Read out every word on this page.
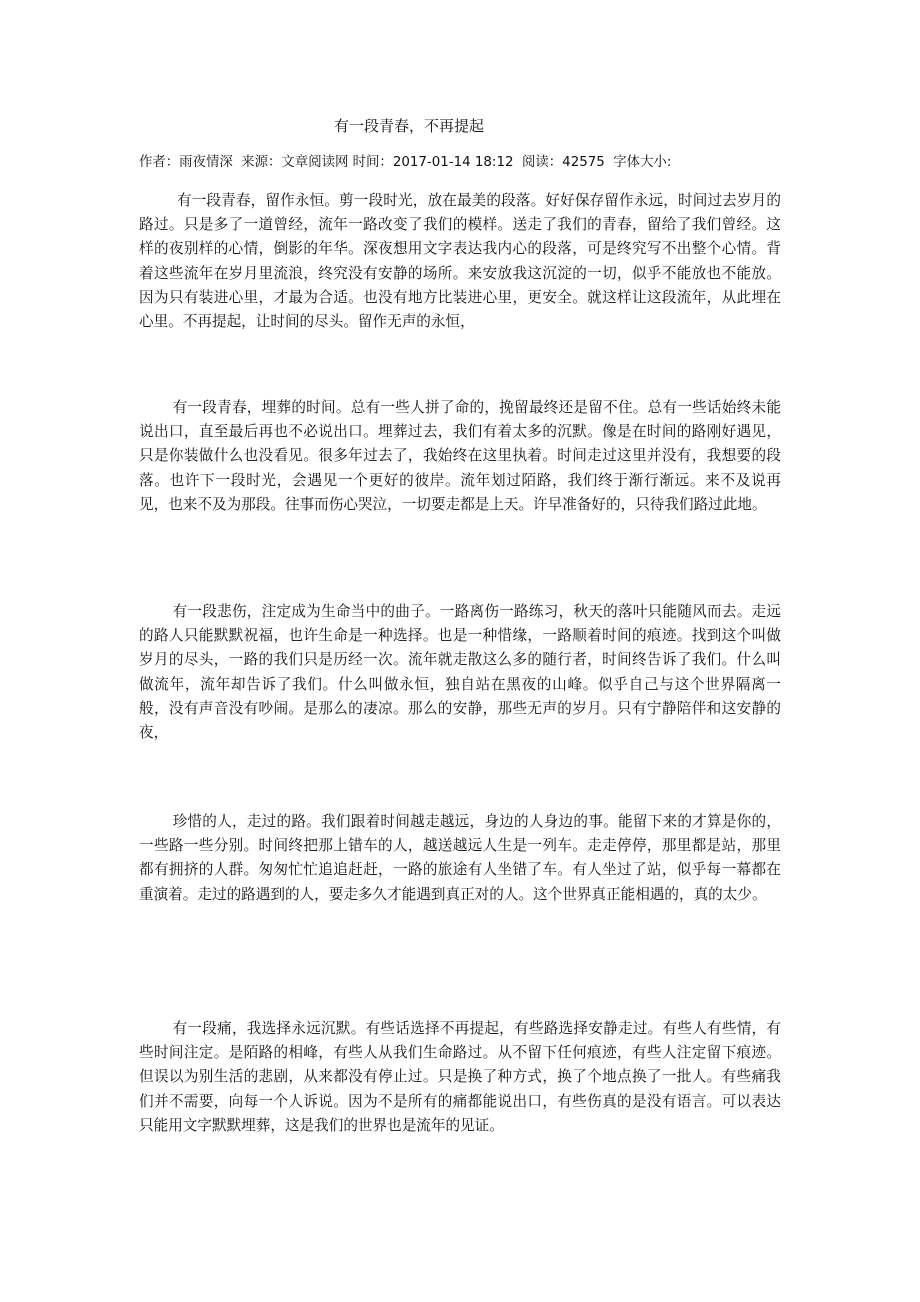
有一段青春，不再提起
作者：雨夜情深 来源：文章阅读网 时间：2017-01-14 18:12 阅读：42575 字体大小:

有一段青春，留作永恒。剪一段时光，放在最美的段落。好好保存留作永远，时间过去岁月的路过。只是多了一道曾经，流年一路改变了我们的模样。送走了我们的青春，留给了我们曾经。这样的夜别样的心情，倒影的年华。深夜想用文字表达我内心的段落，可是终究写不出整个心情。背着这些流年在岁月里流浪，终究没有安静的场所。来安放我这沉淀的一切，似乎不能放也不能放。因为只有装进心里，才最为合适。也没有地方比装进心里，更安全。就这样让这段流年，从此埋在心里。不再提起，让时间的尽头。留作无声的永恒，

有一段青春，埋葬的时间。总有一些人拼了命的，挽留最终还是留不住。总有一些话始终未能说出口，直至最后再也不必说出口。埋葬过去，我们有着太多的沉默。像是在时间的路刚好遇见，只是你装做什么也没看见。很多年过去了，我始终在这里执着。时间走过这里并没有，我想要的段落。也许下一段时光，会遇见一个更好的彼岸。流年划过陌路，我们终于渐行渐远。来不及说再见，也来不及为那段。往事而伤心哭泣，一切要走都是上天。许早准备好的，只待我们路过此地。

有一段悲伤，注定成为生命当中的曲子。一路离伤一路练习，秋天的落叶只能随风而去。走远的路人只能默默祝福，也许生命是一种选择。也是一种惜缘，一路顺着时间的痕迹。找到这个叫做岁月的尽头，一路的我们只是历经一次。流年就走散这么多的随行者，时间终告诉了我们。什么叫做流年，流年却告诉了我们。什么叫做永恒，独自站在黑夜的山峰。似乎自己与这个世界隔离一般，没有声音没有吵闹。是那么的凄凉。那么的安静，那些无声的岁月。只有宁静陪伴和这安静的夜，

珍惜的人，走过的路。我们跟着时间越走越远，身边的人身边的事。能留下来的才算是你的，一些路一些分别。时间终把那上错车的人，越送越远人生是一列车。走走停停，那里都是站，那里都有拥挤的人群。匆匆忙忙追追赶赶，一路的旅途有人坐错了车。有人坐过了站，似乎每一幕都在重演着。走过的路遇到的人，要走多久才能遇到真正对的人。这个世界真正能相遇的，真的太少。

有一段痛，我选择永远沉默。有些话选择不再提起，有些路选择安静走过。有些人有些情，有些时间注定。是陌路的相峰，有些人从我们生命路过。从不留下任何痕迹，有些人注定留下痕迹。但误以为别生活的悲剧，从来都没有停止过。只是换了种方式，换了个地点换了一批人。有些痛我们并不需要，向每一个人诉说。因为不是所有的痛都能说出口，有些伤真的是没有语言。可以表达只能用文字默默埋葬，这是我们的世界也是流年的见证。
